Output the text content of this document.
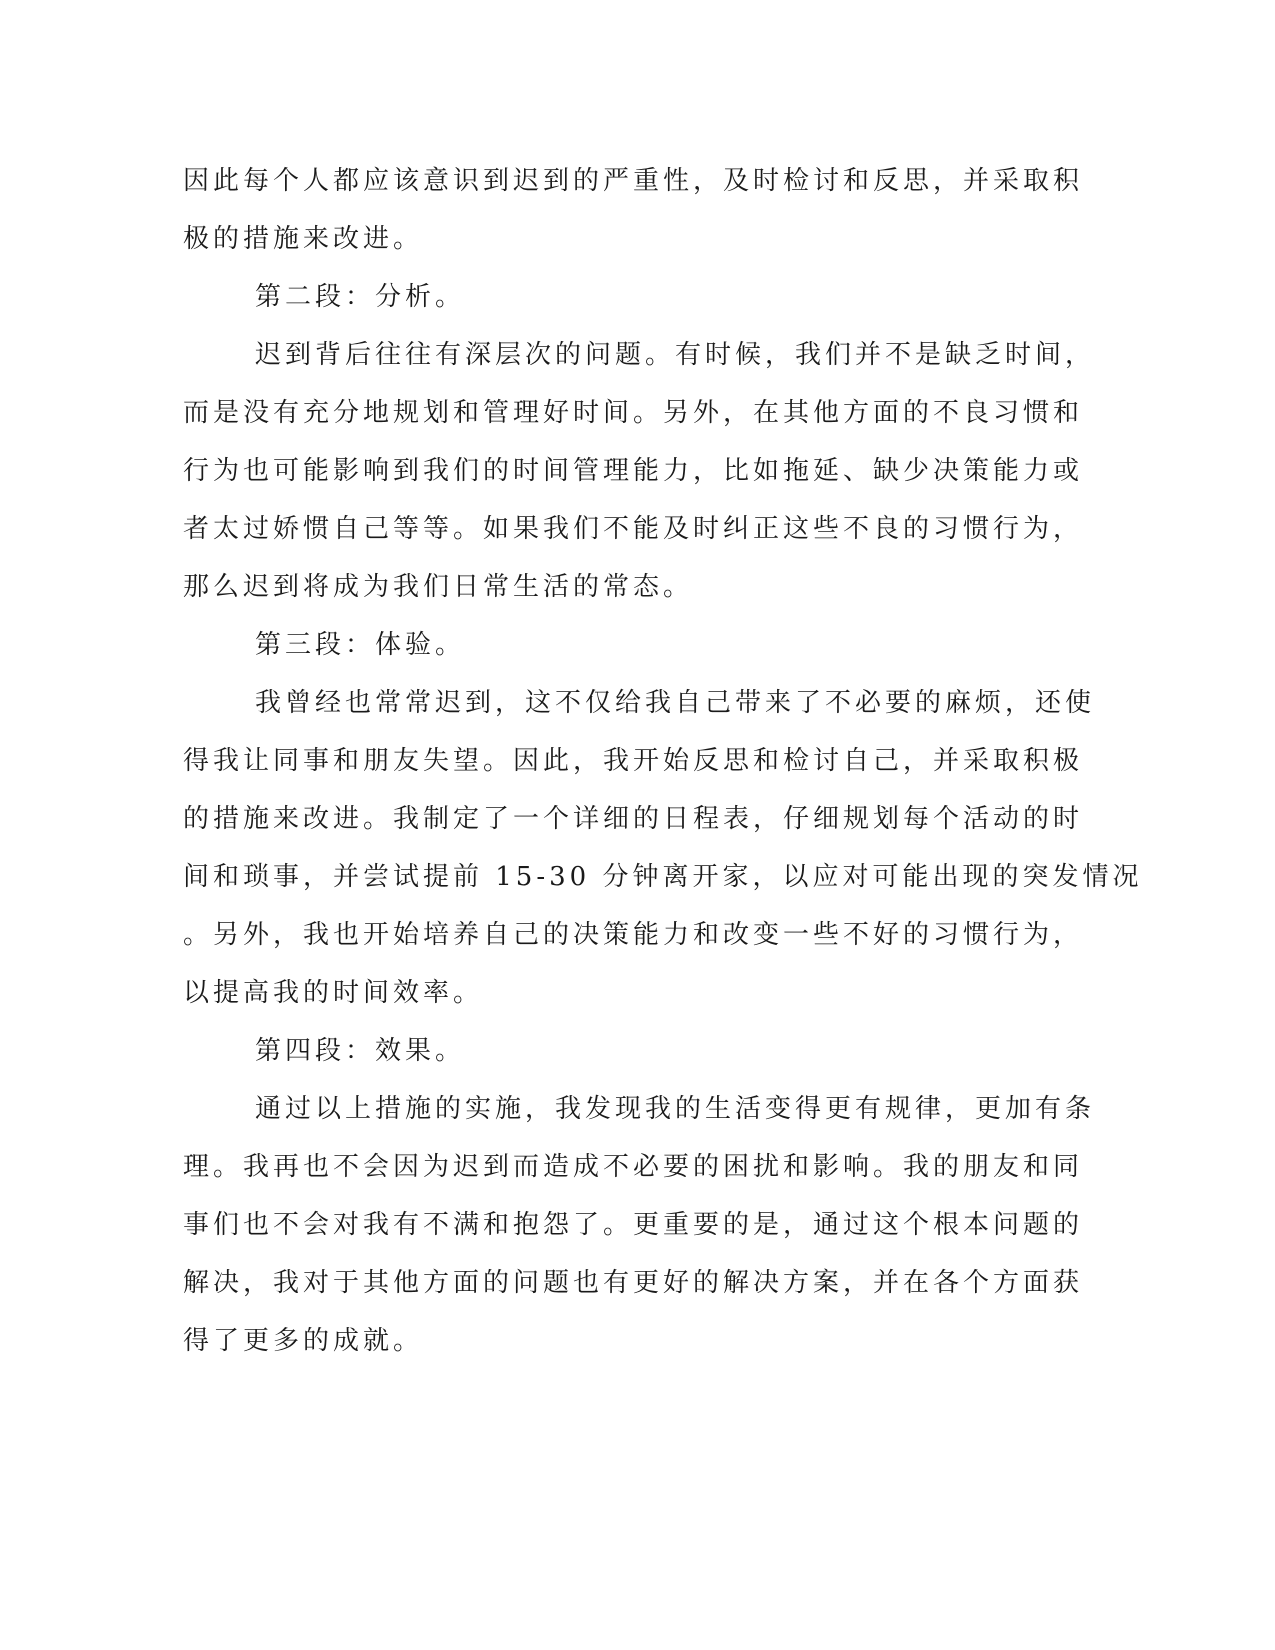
因此每个人都应该意识到迟到的严重性，及时检讨和反思，并采取积
极的措施来改进。
第二段：分析。
迟到背后往往有深层次的问题。有时候，我们并不是缺乏时间，
而是没有充分地规划和管理好时间。另外，在其他方面的不良习惯和
行为也可能影响到我们的时间管理能力，比如拖延、缺少决策能力或
者太过娇惯自己等等。如果我们不能及时纠正这些不良的习惯行为，
那么迟到将成为我们日常生活的常态。
第三段：体验。
我曾经也常常迟到，这不仅给我自己带来了不必要的麻烦，还使
得我让同事和朋友失望。因此，我开始反思和检讨自己，并采取积极
的措施来改进。我制定了一个详细的日程表，仔细规划每个活动的时
间和琐事，并尝试提前 15-30 分钟离开家，以应对可能出现的突发情况
。另外，我也开始培养自己的决策能力和改变一些不好的习惯行为，
以提高我的时间效率。
第四段：效果。
通过以上措施的实施，我发现我的生活变得更有规律，更加有条
理。我再也不会因为迟到而造成不必要的困扰和影响。我的朋友和同
事们也不会对我有不满和抱怨了。更重要的是，通过这个根本问题的
解决，我对于其他方面的问题也有更好的解决方案，并在各个方面获
得了更多的成就。
